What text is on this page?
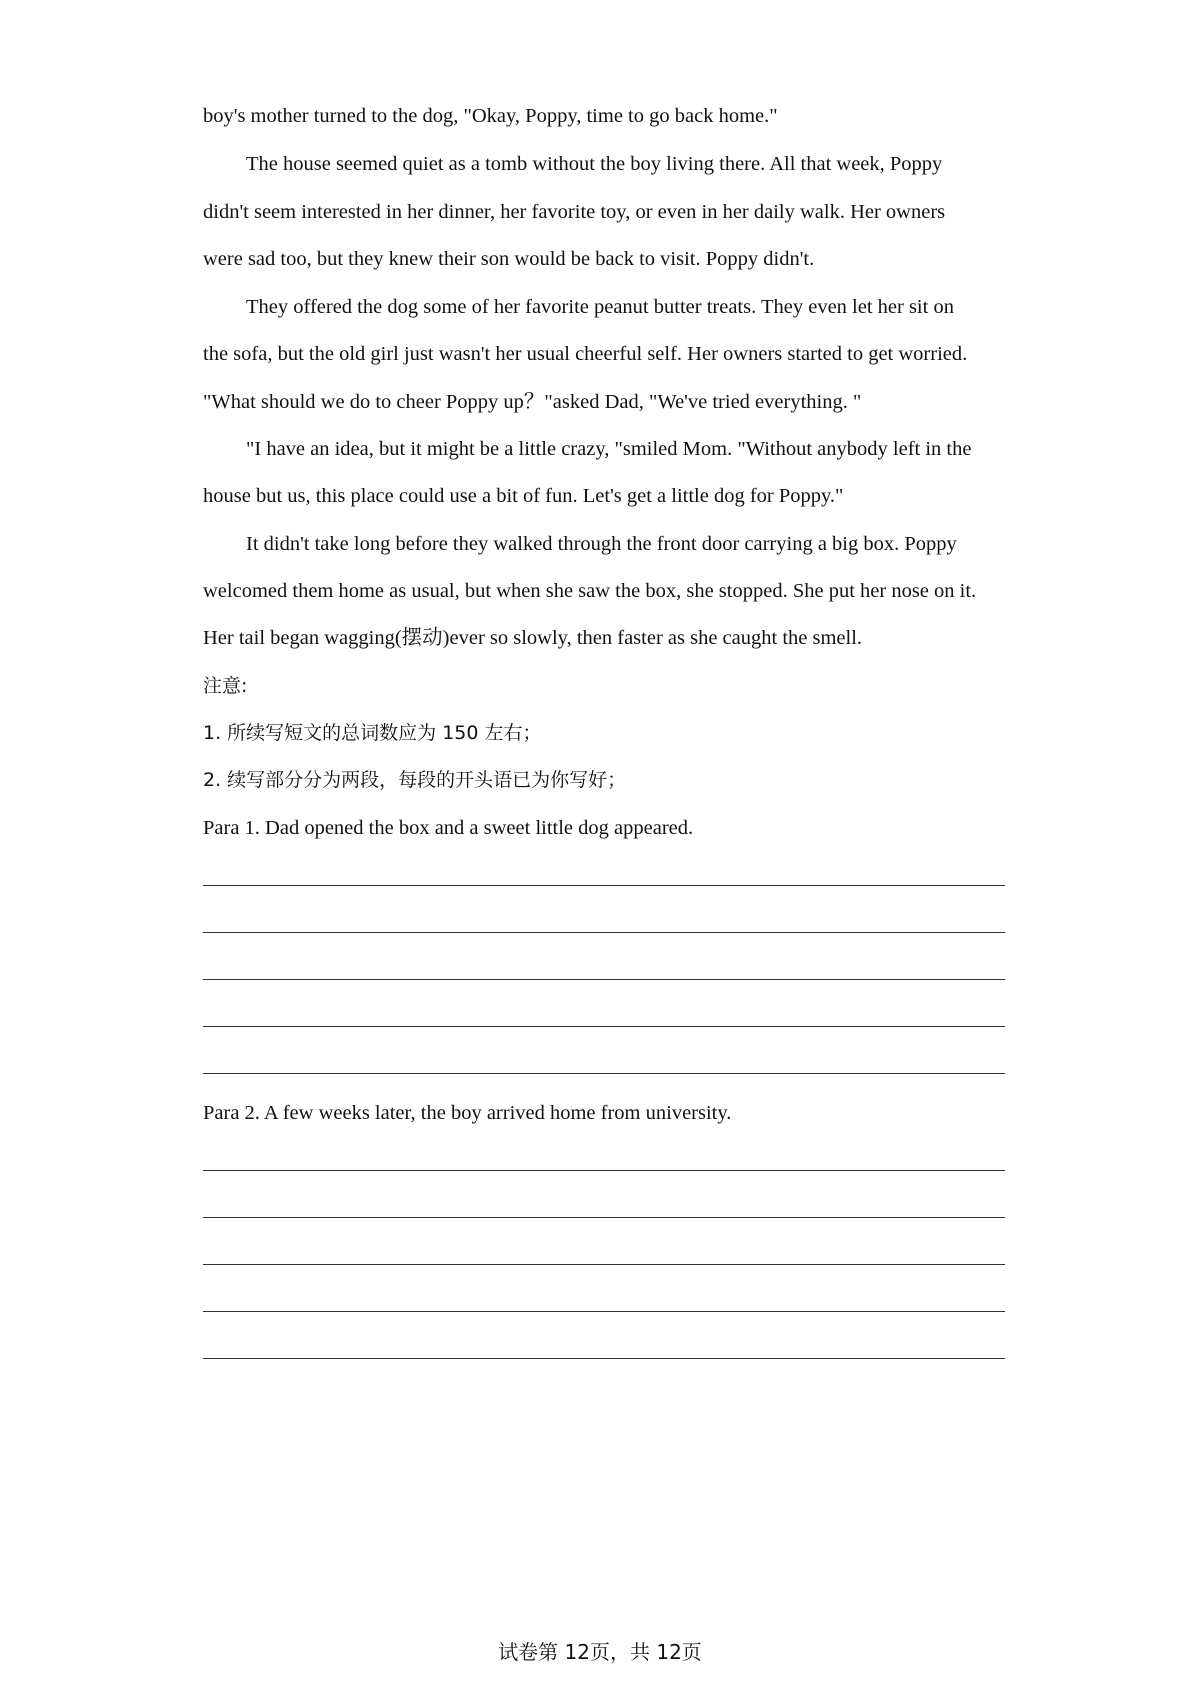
boy's mother turned to the dog, "Okay, Poppy, time to go back home."
The house seemed quiet as a tomb without the boy living there. All that week, Poppy
didn't seem interested in her dinner, her favorite toy, or even in her daily walk. Her owners
were sad too, but they knew their son would be back to visit. Poppy didn't.
They offered the dog some of her favorite peanut butter treats. They even let her sit on
the sofa, but the old girl just wasn't her usual cheerful self. Her owners started to get worried.
"What should we do to cheer Poppy up？"asked Dad, "We've tried everything. "
"I have an idea, but it might be a little crazy, "smiled Mom. "Without anybody left in the
house but us, this place could use a bit of fun. Let's get a little dog for Poppy."
It didn't take long before they walked through the front door carrying a big box. Poppy
welcomed them home as usual, but when she saw the box, she stopped. She put her nose on it.
Her tail began wagging(摆动)ever so slowly, then faster as she caught the smell.
注意:
1. 所续写短文的总词数应为 150 左右；
2. 续写部分分为两段，每段的开头语已为你写好；
Para 1. Dad opened the box and a sweet little dog appeared.
Para 2. A few weeks later, the boy arrived home from university.
试卷第 12页，共 12页
